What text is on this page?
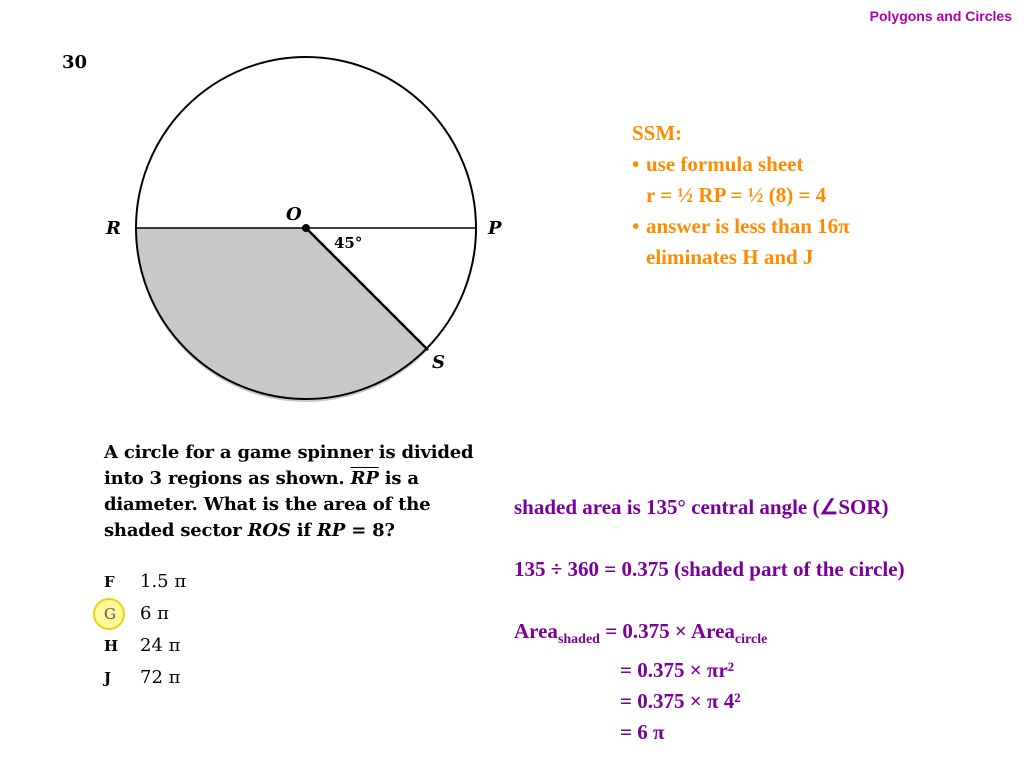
Polygons and Circles
30
O
R	P
S
45°
A circle for a game spinner is divided
into 3 regions as shown. $\overline{RP}$ is a
diameter. What is the area of the
shaded sector ROS if RP = 8?
F 1.5 π
G 6 π
H 24 π
J 72 π
SSM:
• use formula sheet
r = ½ RP = ½ (8) = 4
• answer is less than 16π
eliminates H and J
shaded area is 135° central angle (∠SOR)
135 ÷ 360 = 0.375 (shaded part of the circle)
Area$_{shaded}$ = 0.375 × Area$_{circle}$
= 0.375 × πr²
= 0.375 × π 4²
= 6 π
